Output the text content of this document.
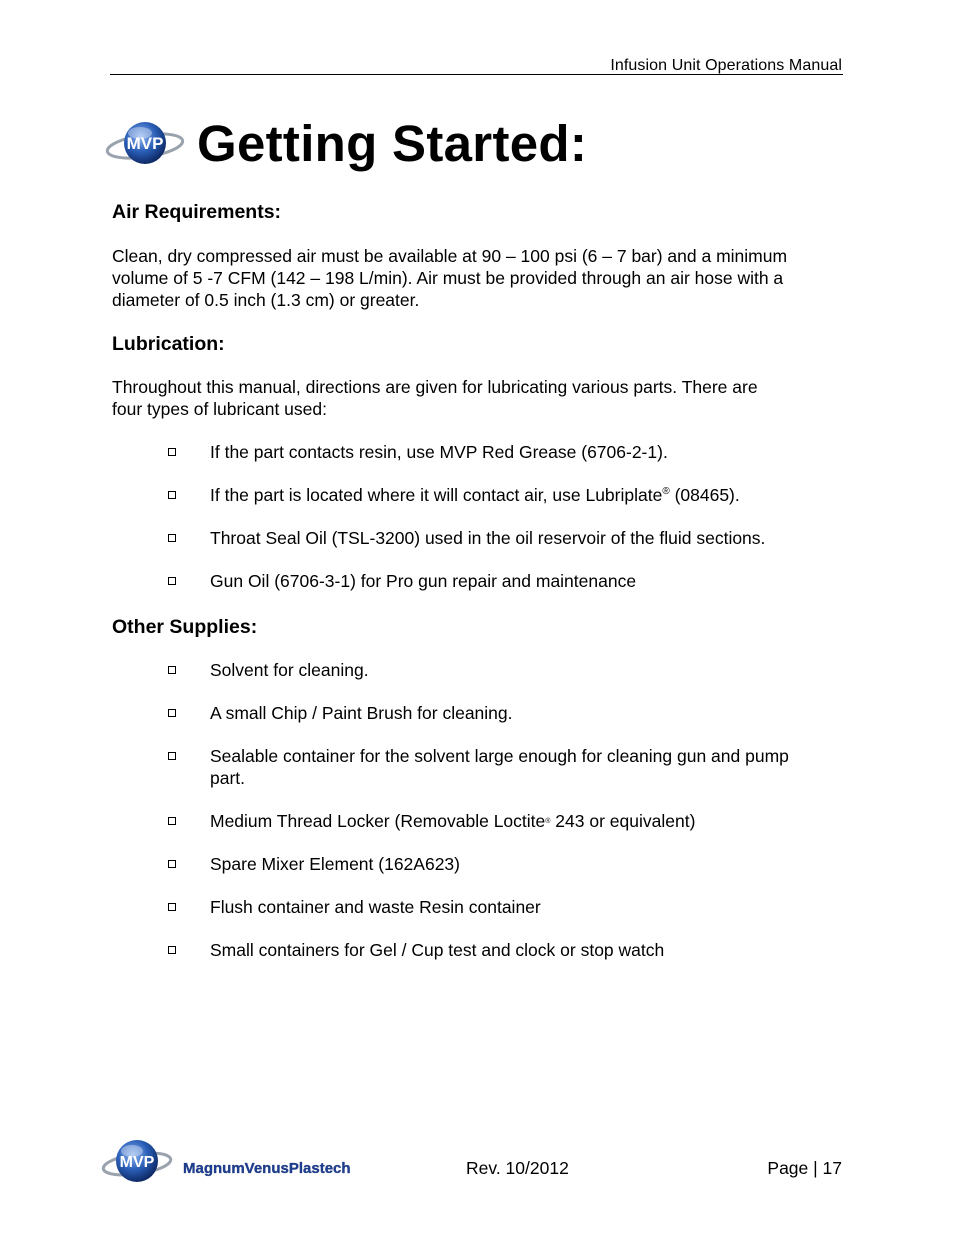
Infusion Unit Operations Manual
MVP Getting Started:
Air Requirements:

Clean, dry compressed air must be available at 90 – 100 psi (6 – 7 bar) and a minimum
volume of 5 -7 CFM (142 – 198 L/min). Air must be provided through an air hose with a
diameter of 0.5 inch (1.3 cm) or greater.

Lubrication:

Throughout this manual, directions are given for lubricating various parts. There are
four types of lubricant used:

If the part contacts resin, use MVP Red Grease (6706-2-1).
If the part is located where it will contact air, use Lubriplate® (08465).
Throat Seal Oil (TSL-3200) used in the oil reservoir of the fluid sections.
Gun Oil (6706-3-1) for Pro gun repair and maintenance
Other Supplies:
Solvent for cleaning.
A small Chip / Paint Brush for cleaning.
Sealable container for the solvent large enough for cleaning gun and pump
part.
Medium Thread Locker (Removable Loctite® 243 or equivalent)
Spare Mixer Element (162A623)
Flush container and waste Resin container
Small containers for Gel / Cup test and clock or stop watch
MVP MagnumVenusPlastech	Rev. 10/2012	Page | 17
